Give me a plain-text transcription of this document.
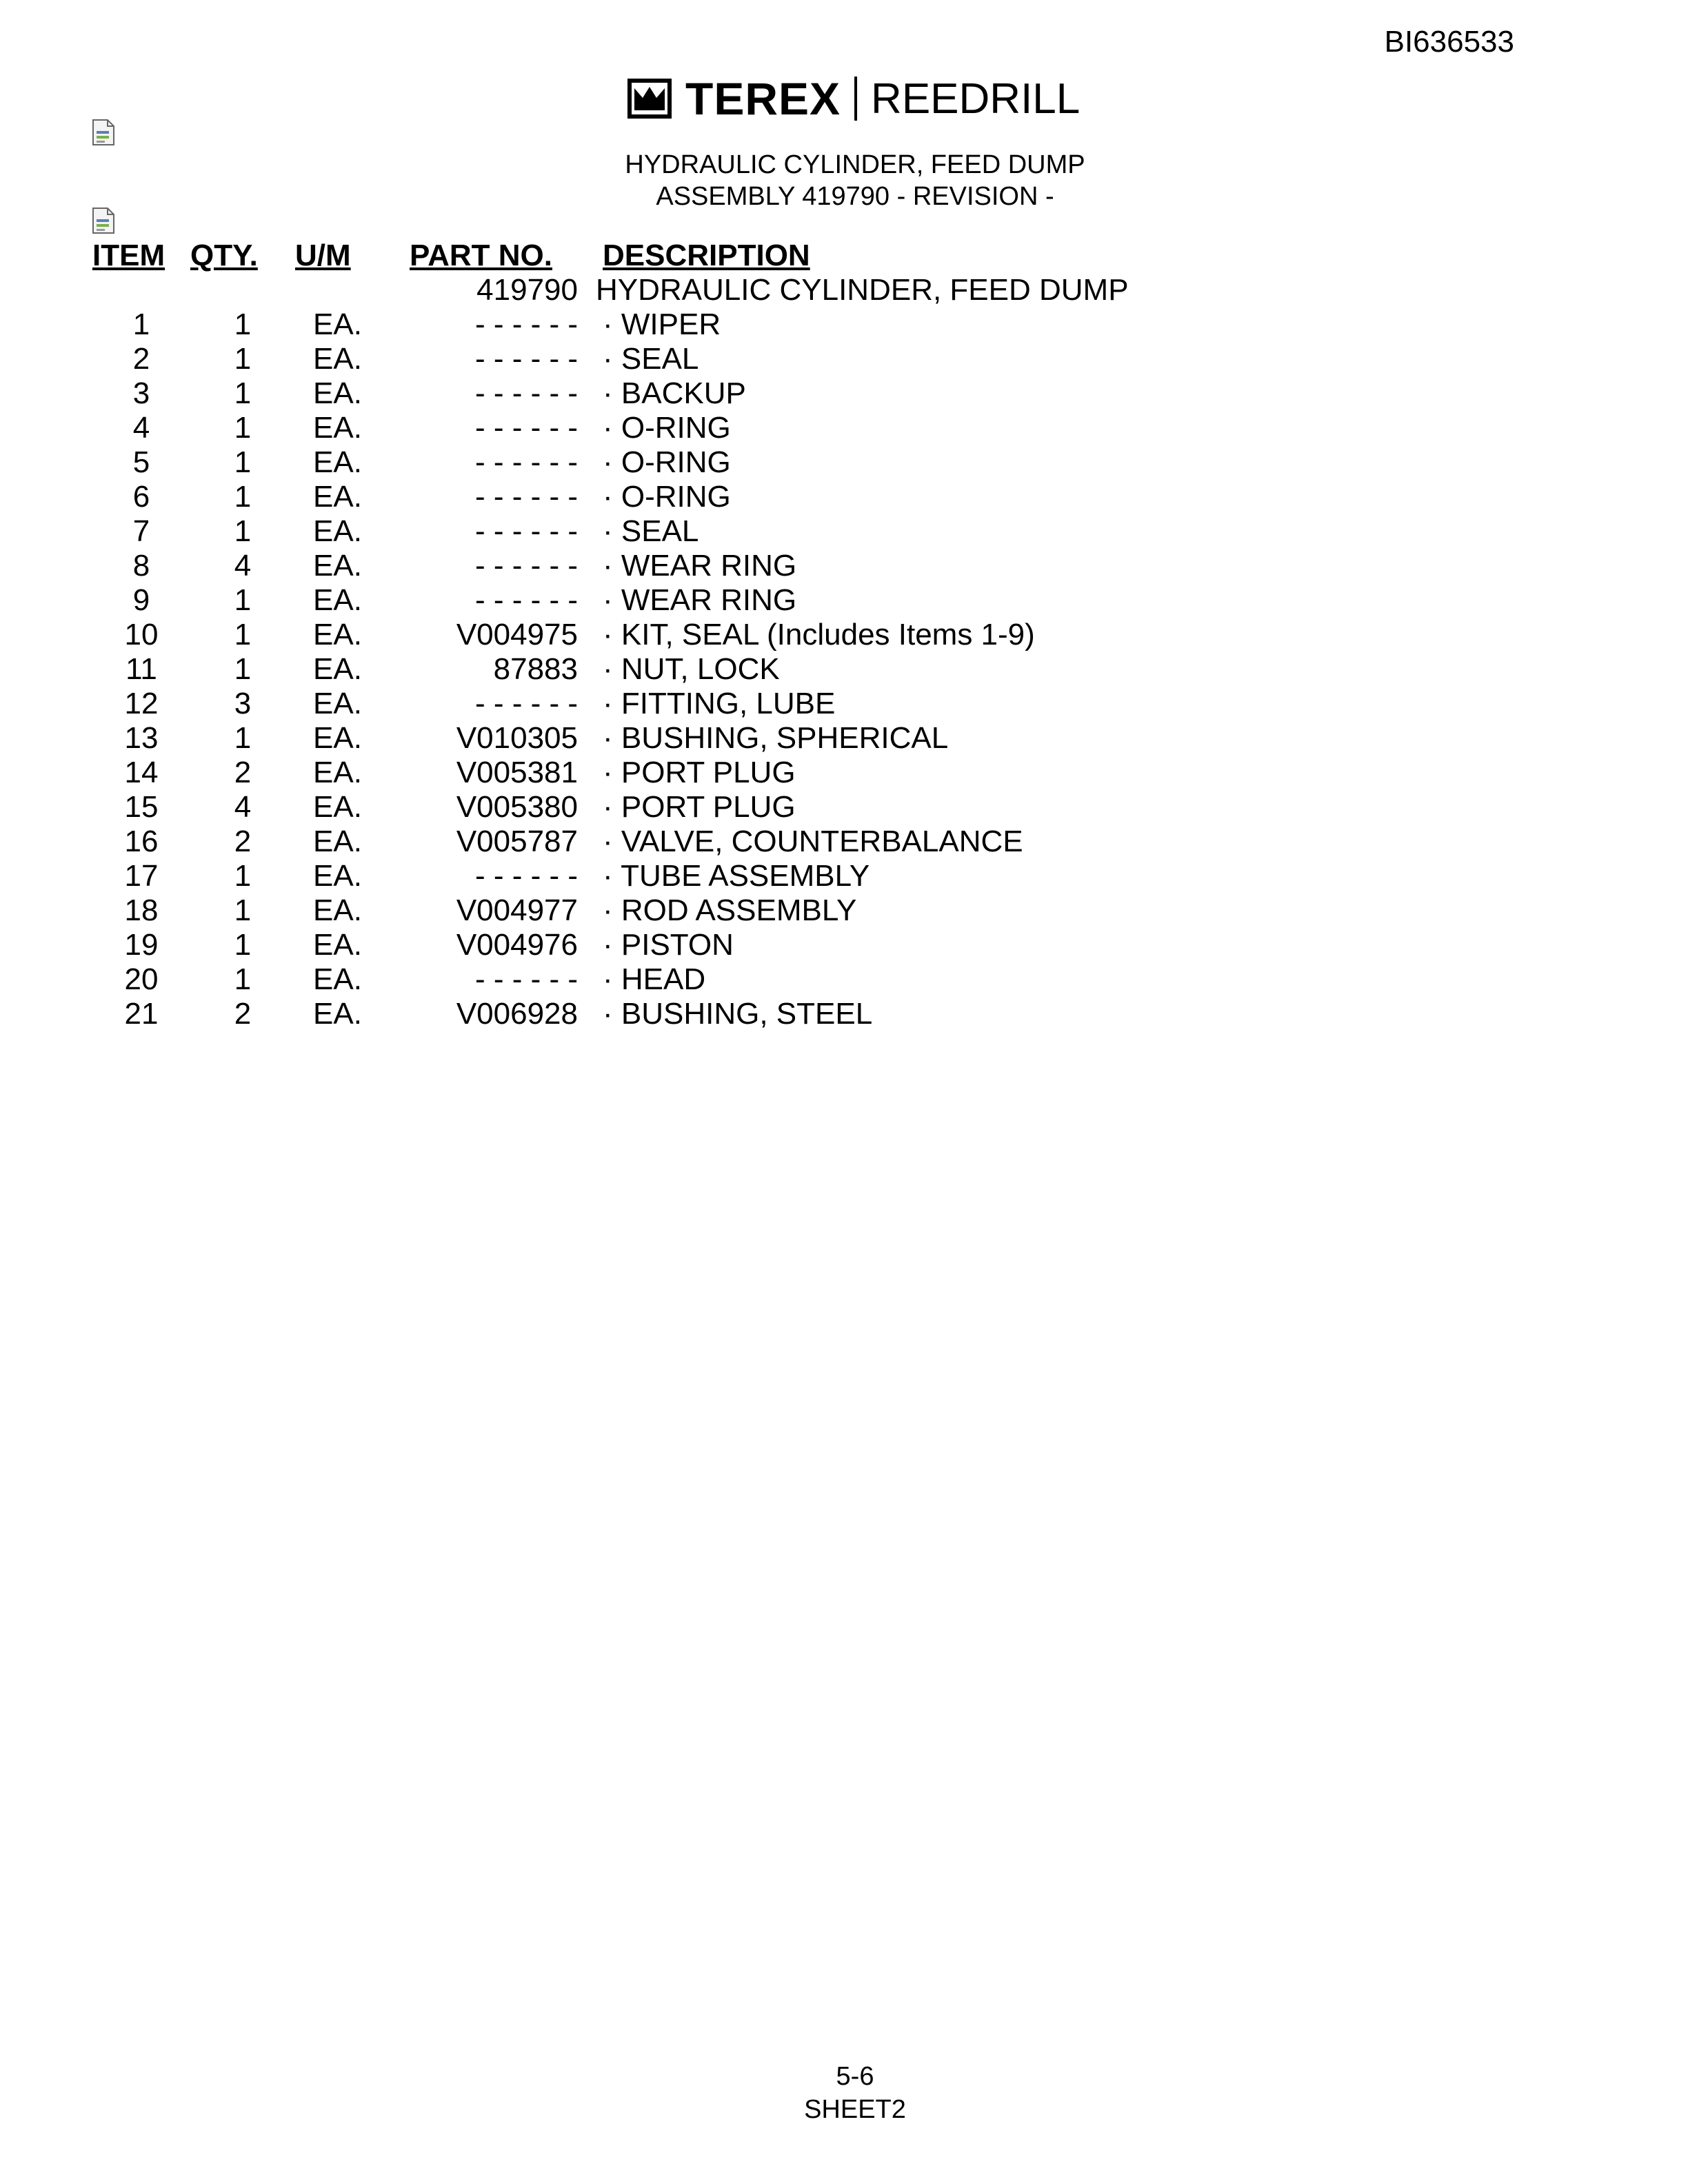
BI636533
TEREX REEDRILL
HYDRAULIC CYLINDER, FEED DUMP
ASSEMBLY 419790 - REVISION -
ITEM	QTY.	U/M	PART NO.	DESCRIPTION
			419790	HYDRAULIC CYLINDER, FEED DUMP
1	1	EA.	- - - - - -	· WIPER
2	1	EA.	- - - - - -	· SEAL
3	1	EA.	- - - - - -	· BACKUP
4	1	EA.	- - - - - -	· O-RING
5	1	EA.	- - - - - -	· O-RING
6	1	EA.	- - - - - -	· O-RING
7	1	EA.	- - - - - -	· SEAL
8	4	EA.	- - - - - -	· WEAR RING
9	1	EA.	- - - - - -	· WEAR RING
10	1	EA.	V004975	· KIT, SEAL (Includes Items 1-9)
11	1	EA.	87883	· NUT, LOCK
12	3	EA.	- - - - - -	· FITTING, LUBE
13	1	EA.	V010305	· BUSHING, SPHERICAL
14	2	EA.	V005381	· PORT PLUG
15	4	EA.	V005380	· PORT PLUG
16	2	EA.	V005787	· VALVE, COUNTERBALANCE
17	1	EA.	- - - - - -	· TUBE ASSEMBLY
18	1	EA.	V004977	· ROD ASSEMBLY
19	1	EA.	V004976	· PISTON
20	1	EA.	- - - - - -	· HEAD
21	2	EA.	V006928	· BUSHING, STEEL
5-6
SHEET2
